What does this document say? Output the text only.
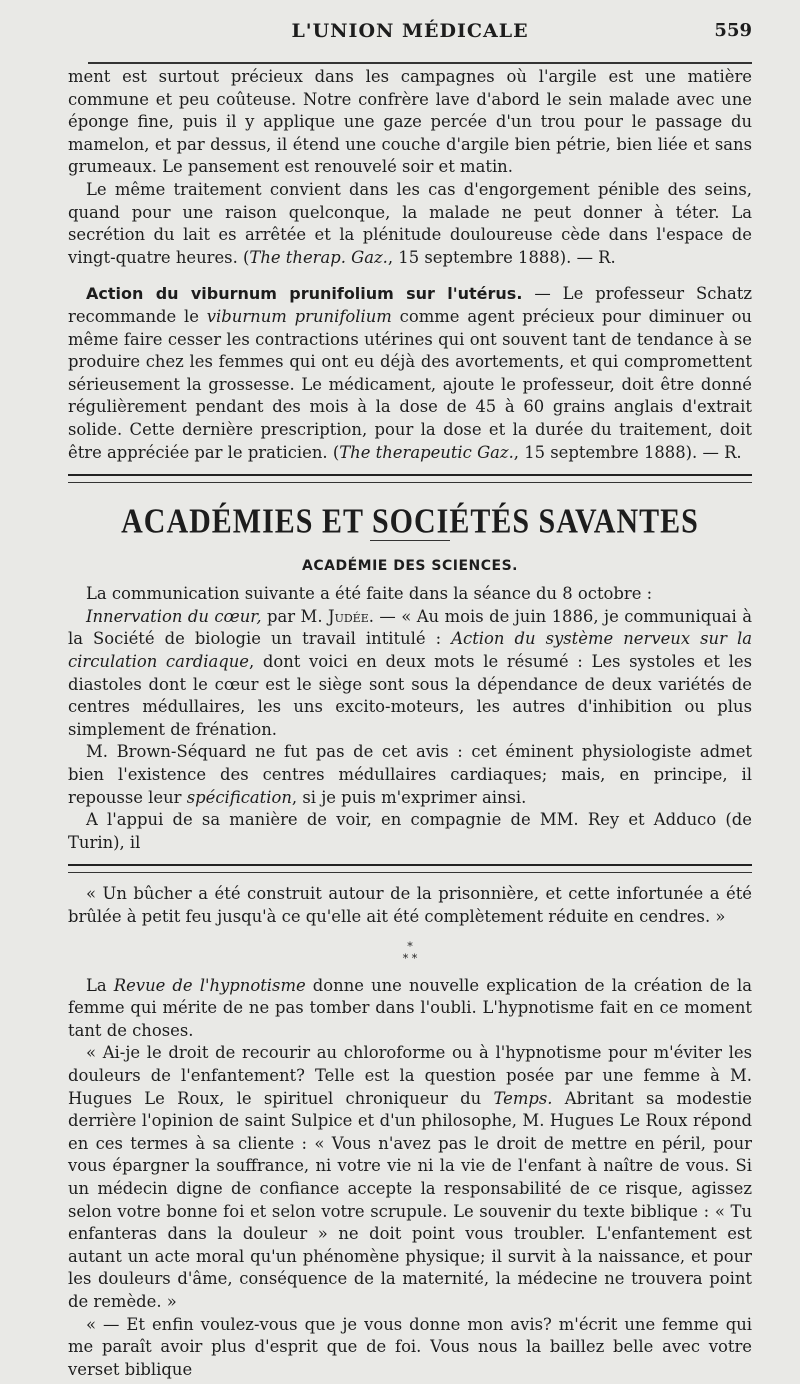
L'UNION MÉDICALE	559

ment est surtout précieux dans les campagnes où l'argile est une matière commune et peu coûteuse. Notre confrère lave d'abord le sein malade avec une éponge fine, puis il y applique une gaze percée d'un trou pour le passage du mamelon, et par dessus, il étend une couche d'argile bien pétrie, bien liée et sans grumeaux. Le pansement est renouvelé soir et matin.

Le même traitement convient dans les cas d'engorgement pénible des seins, quand pour une raison quelconque, la malade ne peut donner à téter. La secrétion du lait es arrêtée et la plénitude douloureuse cède dans l'espace de vingt-quatre heures. (The therap. Gaz., 15 septembre 1888). — R.

Action du viburnum prunifolium sur l'utérus. — Le professeur Schatz recommande le viburnum prunifolium comme agent précieux pour diminuer ou même faire cesser les contractions utérines qui ont souvent tant de tendance à se produire chez les femmes qui ont eu déjà des avortements, et qui compromettent sérieusement la grossesse. Le médicament, ajoute le professeur, doit être donné régulièrement pendant des mois à la dose de 45 à 60 grains anglais d'extrait solide. Cette dernière prescription, pour la dose et la durée du traitement, doit être appréciée par le praticien. (The therapeutic Gaz., 15 septembre 1888). — R.

ACADÉMIES ET SOCIÉTÉS SAVANTES
ACADÉMIE DES SCIENCES.

La communication suivante a été faite dans la séance du 8 octobre :

Innervation du cœur, par M. Judée. — « Au mois de juin 1886, je communiquai à la Société de biologie un travail intitulé : Action du système nerveux sur la circulation cardiaque, dont voici en deux mots le résumé : Les systoles et les diastoles dont le cœur est le siège sont sous la dépendance de deux variétés de centres médullaires, les uns excito-moteurs, les autres d'inhibition ou plus simplement de frénation.

M. Brown-Séquard ne fut pas de cet avis : cet éminent physiologiste admet bien l'existence des centres médullaires cardiaques; mais, en principe, il repousse leur spécification, si je puis m'exprimer ainsi.

A l'appui de sa manière de voir, en compagnie de MM. Rey et Adduco (de Turin), il

« Un bûcher a été construit autour de la prisonnière, et cette infortunée a été brûlée à petit feu jusqu'à ce qu'elle ait été complètement réduite en cendres. »

*
* *

La Revue de l'hypnotisme donne une nouvelle explication de la création de la femme qui mérite de ne pas tomber dans l'oubli. L'hypnotisme fait en ce moment tant de choses.

« Ai-je le droit de recourir au chloroforme ou à l'hypnotisme pour m'éviter les douleurs de l'enfantement? Telle est la question posée par une femme à M. Hugues Le Roux, le spirituel chroniqueur du Temps. Abritant sa modestie derrière l'opinion de saint Sulpice et d'un philosophe, M. Hugues Le Roux répond en ces termes à sa cliente : « Vous n'avez pas le droit de mettre en péril, pour vous épargner la souffrance, ni votre vie ni la vie de l'enfant à naître de vous. Si un médecin digne de confiance accepte la responsabilité de ce risque, agissez selon votre bonne foi et selon votre scrupule. Le souvenir du texte biblique : « Tu enfanteras dans la douleur » ne doit point vous troubler. L'enfantement est autant un acte moral qu'un phénomène physique; il survit à la naissance, et pour les douleurs d'âme, conséquence de la maternité, la médecine ne trouvera point de remède. »

« — Et enfin voulez-vous que je vous donne mon avis? m'écrit une femme qui me paraît avoir plus d'esprit que de foi. Vous nous la baillez belle avec votre verset biblique
